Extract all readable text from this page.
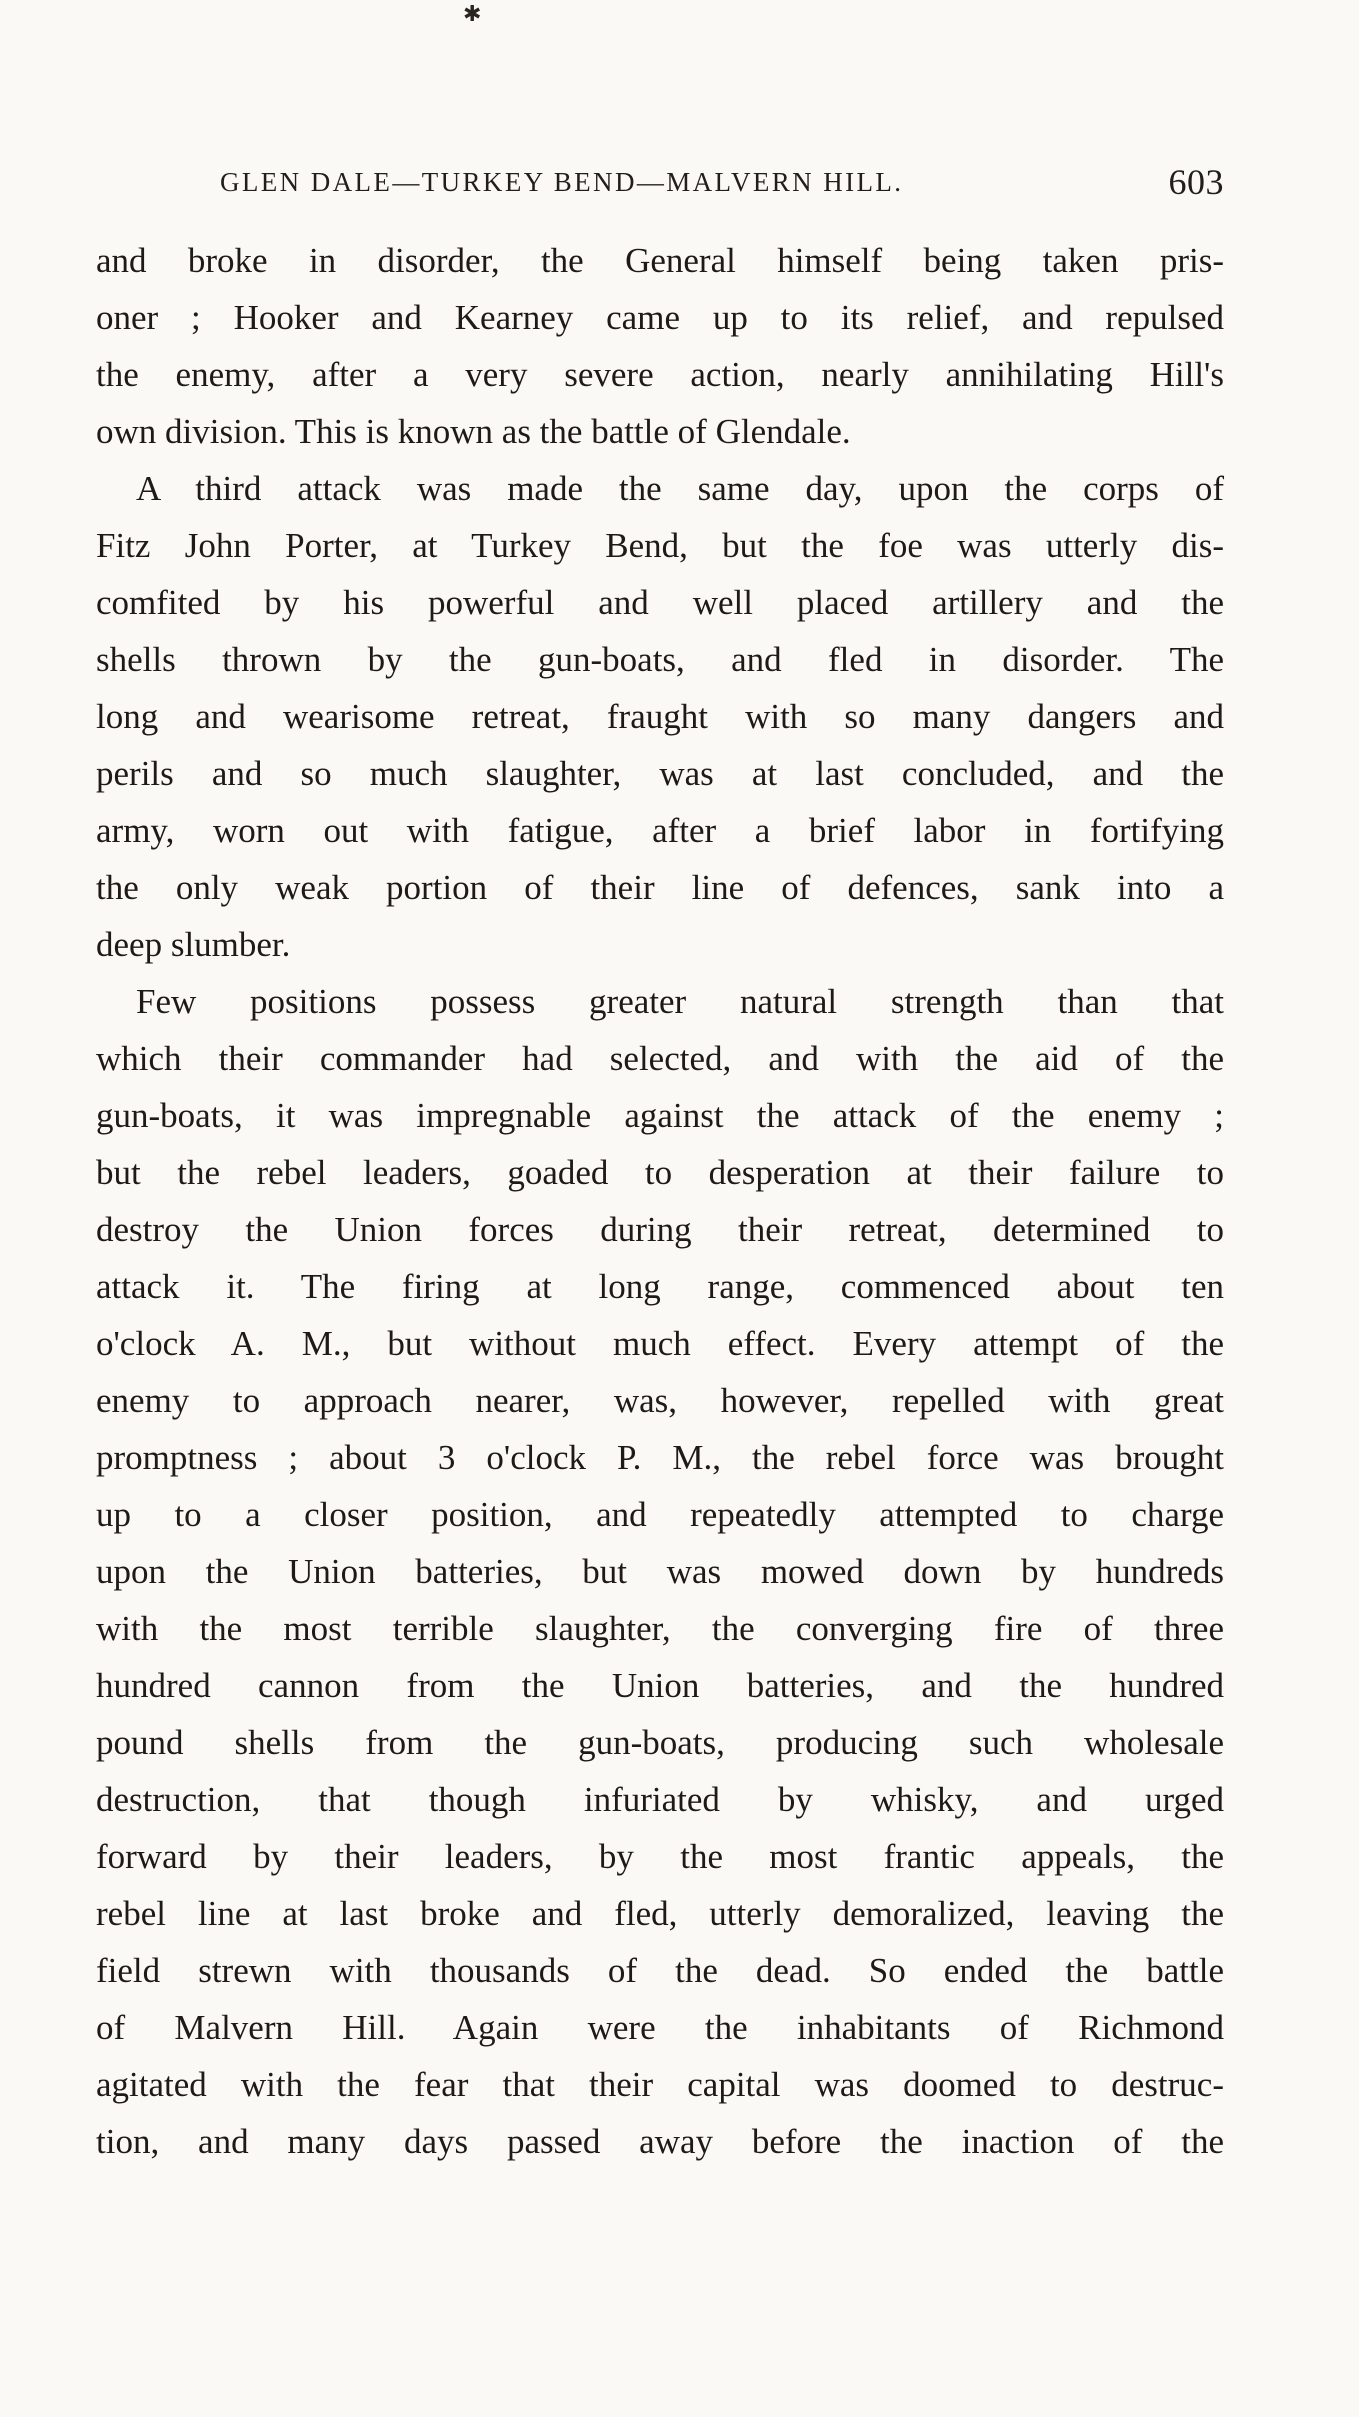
✱
GLEN DALE—TURKEY BEND—MALVERN HILL.	603
and broke in disorder, the General himself being taken pris-
oner ; Hooker and Kearney came up to its relief, and repulsed
the enemy, after a very severe action, nearly annihilating Hill's
own division. This is known as the battle of Glendale.
A third attack was made the same day, upon the corps of
Fitz John Porter, at Turkey Bend, but the foe was utterly dis-
comfited by his powerful and well placed artillery and the
shells thrown by the gun-boats, and fled in disorder. The
long and wearisome retreat, fraught with so many dangers and
perils and so much slaughter, was at last concluded, and the
army, worn out with fatigue, after a brief labor in fortifying
the only weak portion of their line of defences, sank into a
deep slumber.
Few positions possess greater natural strength than that
which their commander had selected, and with the aid of the
gun-boats, it was impregnable against the attack of the enemy ;
but the rebel leaders, goaded to desperation at their failure to
destroy the Union forces during their retreat, determined to
attack it. The firing at long range, commenced about ten
o'clock A. M., but without much effect. Every attempt of the
enemy to approach nearer, was, however, repelled with great
promptness ; about 3 o'clock P. M., the rebel force was brought
up to a closer position, and repeatedly attempted to charge
upon the Union batteries, but was mowed down by hundreds
with the most terrible slaughter, the converging fire of three
hundred cannon from the Union batteries, and the hundred
pound shells from the gun-boats, producing such wholesale
destruction, that though infuriated by whisky, and urged
forward by their leaders, by the most frantic appeals, the
rebel line at last broke and fled, utterly demoralized, leaving the
field strewn with thousands of the dead. So ended the battle
of Malvern Hill. Again were the inhabitants of Richmond
agitated with the fear that their capital was doomed to destruc-
tion, and many days passed away before the inaction of the
